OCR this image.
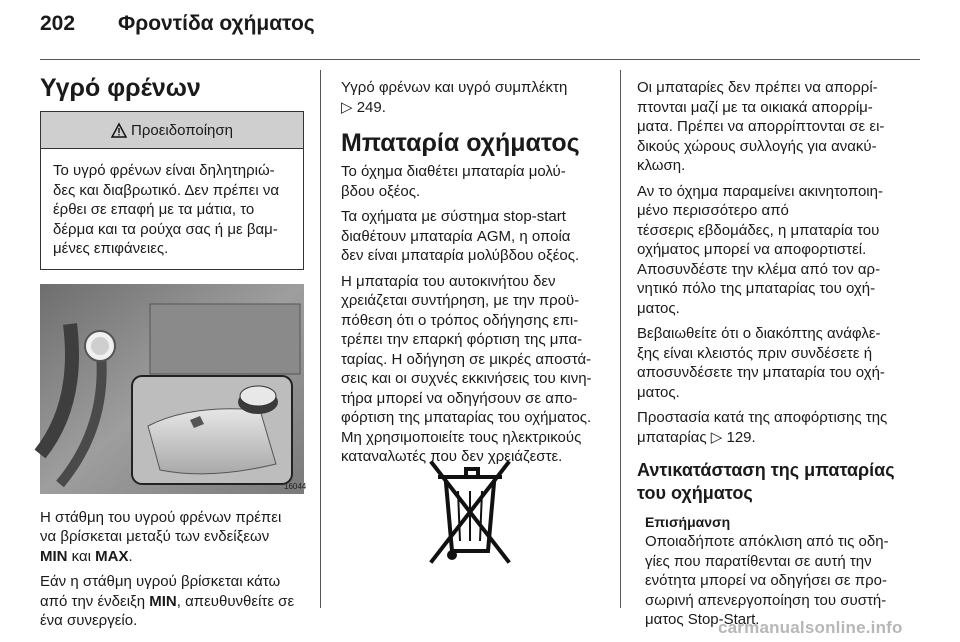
202 Φροντίδα οχήματος
Υγρό φρένων
Προειδοποίηση

Το υγρό φρένων είναι δηλητηριώ-

δες και διαβρωτικό. Δεν πρέπει να

έρθει σε επαφή με τα μάτια, το

δέρμα και τα ρούχα σας ή με βαμ-

μένες επιφάνειες.

16044

Η στάθμη του υγρού φρένων πρέπει
να βρίσκεται μεταξύ των ενδείξεων
MIN και MAX.

Εάν η στάθμη υγρού βρίσκεται κάτω
από την ένδειξη MIN, απευθυνθείτε σε
ένα συνεργείο.

Υγρό φρένων και υγρό συμπλέκτη
▷ 249.

Μπαταρία οχήματος

Το όχημα διαθέτει μπαταρία μολύ-
βδου οξέος.

Τα οχήματα με σύστημα stop-start
διαθέτουν μπαταρία AGM, η οποία
δεν είναι μπαταρία μολύβδου οξέος.

Η μπαταρία του αυτοκινήτου δεν
χρειάζεται συντήρηση, με την προϋ-
πόθεση ότι ο τρόπος οδήγησης επι-
τρέπει την επαρκή φόρτιση της μπα-
ταρίας. Η οδήγηση σε μικρές αποστά-
σεις και οι συχνές εκκινήσεις του κινη-
τήρα μπορεί να οδηγήσουν σε απο-
φόρτιση της μπαταρίας του οχήματος.
Μη χρησιμοποιείτε τους ηλεκτρικούς
καταναλωτές που δεν χρειάζεστε.

Οι μπαταρίες δεν πρέπει να απορρί-
πτονται μαζί με τα οικιακά απορρίμ-
ματα. Πρέπει να απορρίπτονται σε ει-
δικούς χώρους συλλογής για ανακύ-
κλωση.

Αν το όχημα παραμείνει ακινητοποιη-
μένο περισσότερο από
τέσσερις εβδομάδες, η μπαταρία του
οχήματος μπορεί να αποφορτιστεί.
Αποσυνδέστε την κλέμα από τον αρ-
νητικό πόλο της μπαταρίας του οχή-
ματος.

Βεβαιωθείτε ότι ο διακόπτης ανάφλε-
ξης είναι κλειστός πριν συνδέσετε ή
αποσυνδέσετε την μπαταρία του οχή-
ματος.

Προστασία κατά της αποφόρτισης της
μπαταρίας ▷ 129.

Αντικατάσταση της μπαταρίας
του οχήματος
Επισήμανση

Οποιαδήποτε απόκλιση από τις οδη-
γίες που παρατίθενται σε αυτή την
ενότητα μπορεί να οδηγήσει σε προ-
σωρινή απενεργοποίηση του συστή-
ματος Stop-Start.

carmanualsonline.info
